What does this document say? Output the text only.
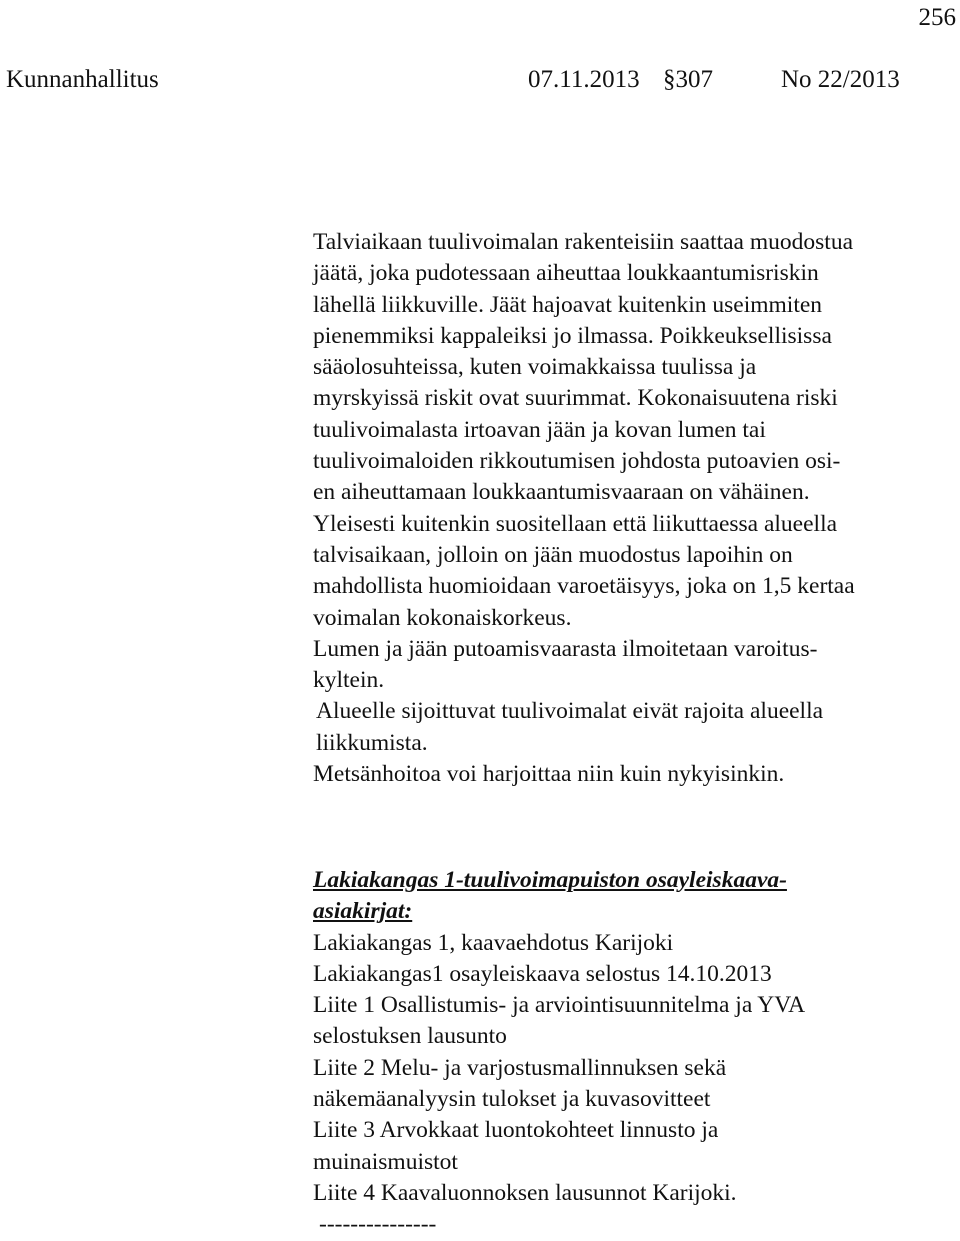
256
Kunnanhallitus	07.11.2013 §307	No 22/2013
Talviaikaan tuulivoimalan rakenteisiin saattaa muodostua
jäätä, joka pudotessaan aiheuttaa loukkaantumisriskin
lähellä liikkuville. Jäät hajoavat kuitenkin useimmiten
pienemmiksi kappaleiksi jo ilmassa. Poikkeuksellisissa
sääolosuhteissa, kuten voimakkaissa tuulissa ja
myrskyissä riskit ovat suurimmat. Kokonaisuutena riski
tuulivoimalasta irtoavan jään ja kovan lumen tai
tuulivoimaloiden rikkoutumisen johdosta putoavien osi-
en aiheuttamaan loukkaantumisvaaraan on vähäinen.
Yleisesti kuitenkin suositellaan että liikuttaessa alueella
talvisaikaan, jolloin on jään muodostus lapoihin on
mahdollista huomioidaan varoetäisyys, joka on 1,5 kertaa
voimalan kokonaiskorkeus.
Lumen ja jään putoamisvaarasta ilmoitetaan varoitus-
kyltein.
Alueelle sijoittuvat tuulivoimalat eivät rajoita alueella
liikkumista.
Metsänhoitoa voi harjoittaa niin kuin nykyisinkin.
Lakiakangas 1-tuulivoimapuiston osayleiskaava-
asiakirjat:
Lakiakangas 1, kaavaehdotus Karijoki
Lakiakangas1 osayleiskaava selostus 14.10.2013
Liite 1 Osallistumis- ja arviointisuunnitelma ja YVA
selostuksen lausunto
Liite 2 Melu- ja varjostusmallinnuksen sekä
näkemäanalyysin tulokset ja kuvasovitteet
Liite 3 Arvokkaat luontokohteet linnusto ja
muinaismuistot
Liite 4 Kaavaluonnoksen lausunnot Karijoki.
---------------
